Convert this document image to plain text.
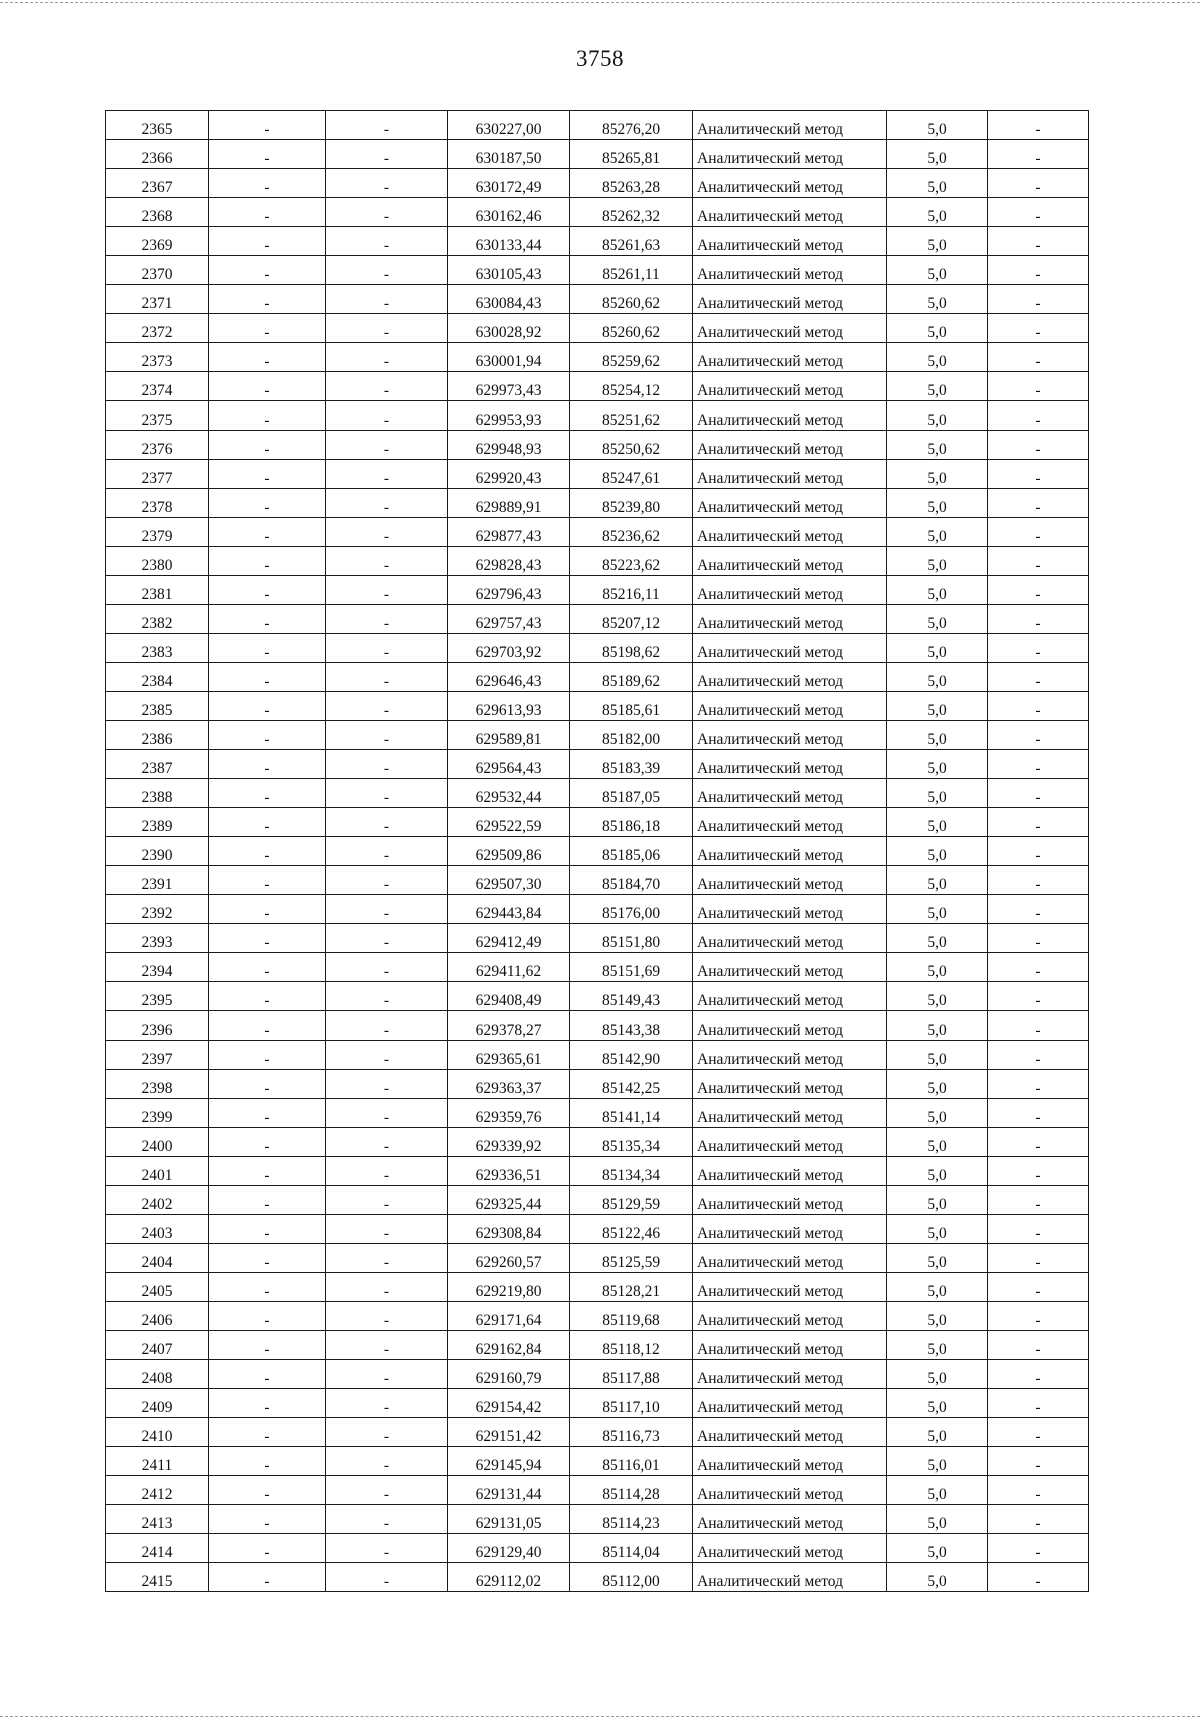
3758
2365	-	-	630227,00	85276,20	Аналитический метод	5,0	-
2366	-	-	630187,50	85265,81	Аналитический метод	5,0	-
2367	-	-	630172,49	85263,28	Аналитический метод	5,0	-
2368	-	-	630162,46	85262,32	Аналитический метод	5,0	-
2369	-	-	630133,44	85261,63	Аналитический метод	5,0	-
2370	-	-	630105,43	85261,11	Аналитический метод	5,0	-
2371	-	-	630084,43	85260,62	Аналитический метод	5,0	-
2372	-	-	630028,92	85260,62	Аналитический метод	5,0	-
2373	-	-	630001,94	85259,62	Аналитический метод	5,0	-
2374	-	-	629973,43	85254,12	Аналитический метод	5,0	-
2375	-	-	629953,93	85251,62	Аналитический метод	5,0	-
2376	-	-	629948,93	85250,62	Аналитический метод	5,0	-
2377	-	-	629920,43	85247,61	Аналитический метод	5,0	-
2378	-	-	629889,91	85239,80	Аналитический метод	5,0	-
2379	-	-	629877,43	85236,62	Аналитический метод	5,0	-
2380	-	-	629828,43	85223,62	Аналитический метод	5,0	-
2381	-	-	629796,43	85216,11	Аналитический метод	5,0	-
2382	-	-	629757,43	85207,12	Аналитический метод	5,0	-
2383	-	-	629703,92	85198,62	Аналитический метод	5,0	-
2384	-	-	629646,43	85189,62	Аналитический метод	5,0	-
2385	-	-	629613,93	85185,61	Аналитический метод	5,0	-
2386	-	-	629589,81	85182,00	Аналитический метод	5,0	-
2387	-	-	629564,43	85183,39	Аналитический метод	5,0	-
2388	-	-	629532,44	85187,05	Аналитический метод	5,0	-
2389	-	-	629522,59	85186,18	Аналитический метод	5,0	-
2390	-	-	629509,86	85185,06	Аналитический метод	5,0	-
2391	-	-	629507,30	85184,70	Аналитический метод	5,0	-
2392	-	-	629443,84	85176,00	Аналитический метод	5,0	-
2393	-	-	629412,49	85151,80	Аналитический метод	5,0	-
2394	-	-	629411,62	85151,69	Аналитический метод	5,0	-
2395	-	-	629408,49	85149,43	Аналитический метод	5,0	-
2396	-	-	629378,27	85143,38	Аналитический метод	5,0	-
2397	-	-	629365,61	85142,90	Аналитический метод	5,0	-
2398	-	-	629363,37	85142,25	Аналитический метод	5,0	-
2399	-	-	629359,76	85141,14	Аналитический метод	5,0	-
2400	-	-	629339,92	85135,34	Аналитический метод	5,0	-
2401	-	-	629336,51	85134,34	Аналитический метод	5,0	-
2402	-	-	629325,44	85129,59	Аналитический метод	5,0	-
2403	-	-	629308,84	85122,46	Аналитический метод	5,0	-
2404	-	-	629260,57	85125,59	Аналитический метод	5,0	-
2405	-	-	629219,80	85128,21	Аналитический метод	5,0	-
2406	-	-	629171,64	85119,68	Аналитический метод	5,0	-
2407	-	-	629162,84	85118,12	Аналитический метод	5,0	-
2408	-	-	629160,79	85117,88	Аналитический метод	5,0	-
2409	-	-	629154,42	85117,10	Аналитический метод	5,0	-
2410	-	-	629151,42	85116,73	Аналитический метод	5,0	-
2411	-	-	629145,94	85116,01	Аналитический метод	5,0	-
2412	-	-	629131,44	85114,28	Аналитический метод	5,0	-
2413	-	-	629131,05	85114,23	Аналитический метод	5,0	-
2414	-	-	629129,40	85114,04	Аналитический метод	5,0	-
2415	-	-	629112,02	85112,00	Аналитический метод	5,0	-
